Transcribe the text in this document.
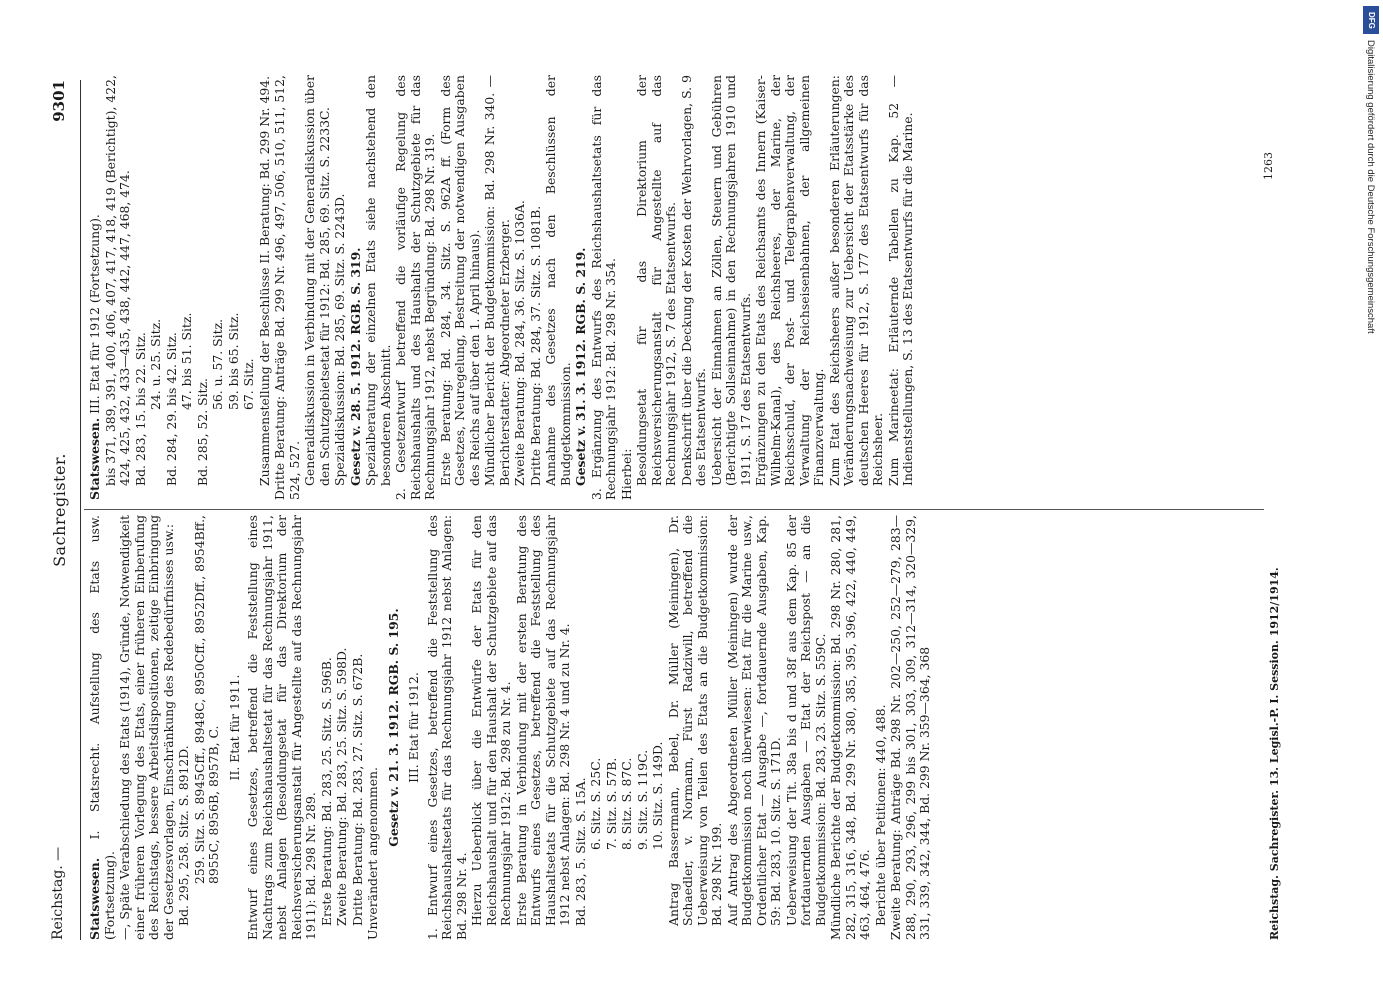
Reichstag. —
Sachregister.
9301

Statswesen. I. Statsrecht. Aufstellung des Etats usw. (Fortsetzung). —, Späte Verabschiedung des Etats (1914), Gründe, Notwendigkeit einer früheren Vorlegung des Etats, einer früheren Einberufung des Reichstags, bessere Arbeitsdispositionen, zeitige Einbringung der Gesetzesvorlagen, Einschränkung des Redebedürfnisses usw.: Bd. 295, 258. Sitz. S. 8912D. 259. Sitz. S. 8945Cff., 8948C, 8950Cff., 8952Dff., 8954Bff., 8955C, 8956B, 8957B, C. II. Etat für 1911. Entwurf eines Gesetzes, betreffend die Feststellung eines Nachtrags zum Reichshaushaltsetat für das Rechnungsjahr 1911, nebst Anlagen (Besoldungsetat für das Direktorium der Reichsversicherungsanstalt für Angestellte auf das Rechnungsjahr 1911): Bd. 298 Nr. 289. Erste Beratung: Bd. 283, 25. Sitz. S. 596B. Zweite Beratung: Bd. 283, 25. Sitz. S. 598D. Dritte Beratung: Bd. 283, 27. Sitz. S. 672B. Unverändert angenommen.

Gesetz v. 21. 3. 1912. RGB. S. 195. III. Etat für 1912. 1. Entwurf eines Gesetzes, betreffend die Feststellung des Reichshaushaltsetats für das Rechnungsjahr 1912 nebst Anlagen: Bd. 298 Nr. 4. Hierzu Ueberblick über die Entwürfe der Etats für den Reichshaushalt und für den Haushalt der Schutzgebiete auf das Rechnungsjahr 1912: Bd. 298 zu Nr. 4. Erste Beratung in Verbindung mit der ersten Beratung des Entwurfs eines Gesetzes, betreffend die Feststellung des Haushaltsetats für die Schutzgebiete auf das Rechnungsjahr 1912 nebst Anlagen: Bd. 298 Nr. 4 und zu Nr. 4. Bd. 283, 5. Sitz. S. 15A. 6. Sitz. S. 25C. 7. Sitz. S. 57B. 8. Sitz. S. 87C. 9. Sitz. S. 119C. 10. Sitz. S. 149D. Antrag Bassermann, Bebel, Dr. Müller (Meiningen), Dr. Schaedler, v. Normann, Fürst Radziwill, betreffend die Ueberweisung von Teilen des Etats an die Budgetkommission: Bd. 298 Nr. 199. Auf Antrag des Abgeordneten Müller (Meiningen) wurde der Budgetkommission noch überwiesen: Etat für die Marine usw., Ordentlicher Etat — Ausgabe —, fortdauernde Ausgaben, Kap. 59: Bd. 283, 10. Sitz. S. 171D. Ueberweisung der Tit. 38a bis d und 38f aus dem Kap. 85 der fortdauernden Ausgaben — Etat der Reichspost — an die Budgetkommission: Bd. 283, 23. Sitz. S. 559C. Mündliche Berichte der Budgetkommission: Bd. 298 Nr. 280, 281, 282, 315, 316, 348, Bd. 299 Nr. 380, 385, 395, 396, 422, 440, 449, 463, 464, 476. Berichte über Petitionen: 440, 488. Zweite Beratung: Anträge Bd. 298 Nr. 202—250, 252—279, 283—288, 290, 293, 296, 299 bis 301, 303, 309, 312—314, 320—329, 331, 339, 342, 344, Bd. 299 Nr. 359—364, 368

Statswesen. III. Etat für 1912 (Fortsetzung). bis 371, 389, 391, 400, 406, 407, 417, 418, 419 (Berichtigt), 422, 424, 425, 432, 433—435, 438, 442, 447, 468, 474. Bd. 283, 15. bis 22. Sitz. 24. u. 25. Sitz. Bd. 284, 29. bis 42. Sitz. 47. bis 51. Sitz.

Bd. 285, 52. Sitz.

56. u. 57. Sitz. 59. bis 65. Sitz. 67. Sitz. Zusammenstellung der Beschlüsse II. Beratung: Bd. 299 Nr. 494. Dritte Beratung: Anträge Bd. 299 Nr. 496, 497, 506, 510, 511, 512, 524, 527. Generaldiskussion in Verbindung mit der Generaldiskussion über den Schutzgebietsetat für 1912: Bd. 285, 69. Sitz. S. 2233C. Spezialdiskussion: Bd. 285, 69. Sitz. S. 2243D. Gesetz v. 28. 5. 1912. RGB. S. 319. Spezialberatung der einzelnen Etats siehe nachstehend den besonderen Abschnitt. 2. Gesetzentwurf betreffend die vorläufige Regelung des Reichshaushalts und des Haushalts der Schutzgebiete für das Rechnungsjahr 1912, nebst Begründung: Bd. 298 Nr. 319. Erste Beratung: Bd. 284, 34. Sitz. S. 962A ff. (Form des Gesetzes, Neuregelung, Bestreitung der notwendigen Ausgaben des Reichs auf über den 1. April hinaus). Mündlicher Bericht der Budgetkommission: Bd. 298 Nr. 340. — Berichterstatter: Abgeordneter Erzberger. Zweite Beratung: Bd. 284, 36. Sitz. S. 1036A. Dritte Beratung: Bd. 284, 37. Sitz. S. 1081B. Annahme des Gesetzes nach den Beschlüssen der Budgetkommission. Gesetz v. 31. 3. 1912. RGB. S. 219. 3. Ergänzung des Entwurfs des Reichshaushaltsetats für das Rechnungsjahr 1912: Bd. 298 Nr. 354. Hierbei: Besoldungsetat für das Direktorium der Reichsversicherungsanstalt für Angestellte auf das Rechnungsjahr 1912, S. 7 des Etatsentwurfs. Denkschrift über die Deckung der Kosten der Wehrvorlagen, S. 9 des Etatsentwurfs. Uebersicht der Einnahmen an Zöllen, Steuern und Gebühren (Berichtigte Sollseinnahme) in den Rechnungsjahren 1910 und 1911, S. 17 des Etatsentwurfs. Ergänzungen zu den Etats des Reichsamts des Innern (Kaiser-Wilhelm-Kanal), des Reichsheeres, der Marine, der Reichsschuld, der Post- und Telegraphenverwaltung, der Verwaltung der Reichseisenbahnen, der allgemeinen Finanzverwaltung. Zum Etat des Reichsheers außer besonderen Erläuterungen: Veränderungsnachweisung zur Uebersicht der Etatsstärke des deutschen Heeres für 1912, S. 177 des Etatsentwurfs für das Reichsheer. Zum Marineetat: Erläuternde Tabellen zu Kap. 52 — Indienststellungen, S. 13 des Etatsentwurfs für die Marine.	1263
Reichstag. Sachregister. 13. Legisl.-P. I. Session. 1912/1914.
DFG
Digitalisierung gefördert durch die Deutsche Forschungsgemeinschaft
